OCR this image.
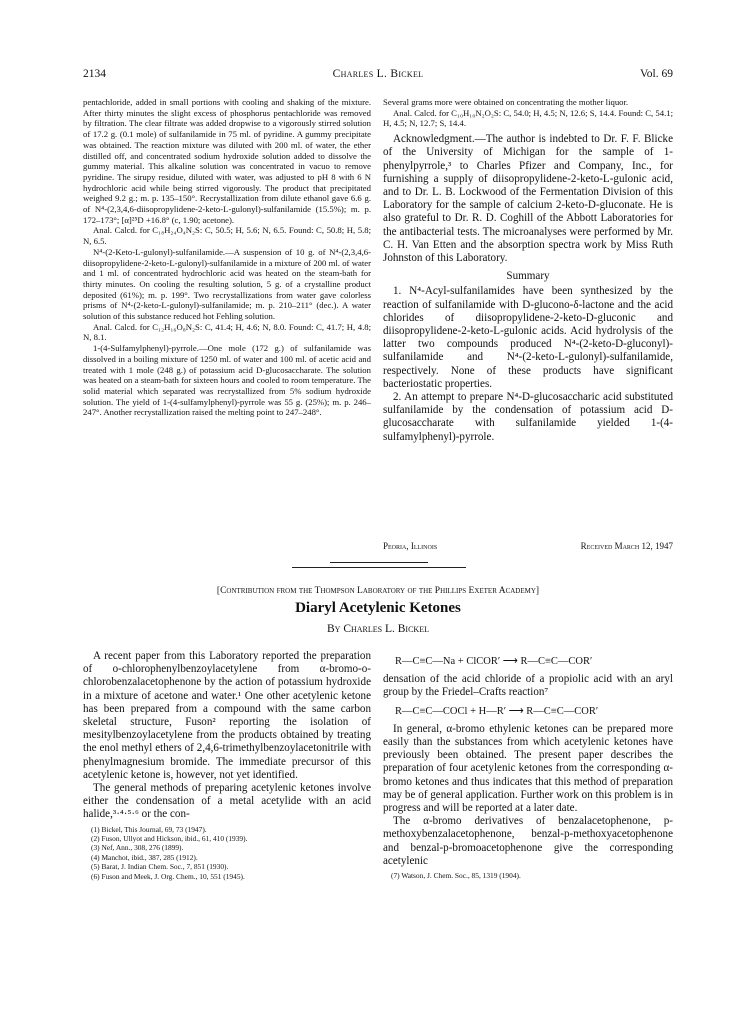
2134	Charles L. Bickel	Vol. 69

pentachloride, added in small portions with cooling and shaking of the mixture. After thirty minutes the slight excess of phosphorus pentachloride was removed by filtration. The clear filtrate was added dropwise to a vigorously stirred solution of 17.2 g. (0.1 mole) of sulfanilamide in 75 ml. of pyridine. A gummy precipitate was obtained. The reaction mixture was diluted with 200 ml. of water, the ether distilled off, and concentrated sodium hydroxide solution added to dissolve the gummy material. This alkaline solution was concentrated in vacuo to remove pyridine. The sirupy residue, diluted with water, was adjusted to pH 8 with 6 N hydrochloric acid while being stirred vigorously. The product that precipitated weighed 9.2 g.; m. p. 135–150°. Recrystallization from dilute ethanol gave 6.6 g. of N⁴-(2,3,4,6-diisopropylidene-2-keto-L-gulonyl)-sulfanilamide (15.5%); m. p. 172–173°; [α]²⁵D +16.8° (c, 1.90; acetone).

Anal. Calcd. for C₁₈H₂₄O₄N₂S: C, 50.5; H, 5.6; N, 6.5. Found: C, 50.8; H, 5.8; N, 6.5.

N⁴-(2-Keto-L-gulonyl)-sulfanilamide.—A suspension of 10 g. of N⁴-(2,3,4,6-diisopropylidene-2-keto-L-gulonyl)-sulfanilamide in a mixture of 200 ml. of water and 1 ml. of concentrated hydrochloric acid was heated on the steam-bath for thirty minutes. On cooling the resulting solution, 5 g. of a crystalline product deposited (61%); m. p. 199°. Two recrystallizations from water gave colorless prisms of N⁴-(2-keto-L-gulonyl)-sulfanilamide; m. p. 210–211° (dec.). A water solution of this substance reduced hot Fehling solution.

Anal. Calcd. for C₁₂H₁₆O₈N₂S: C, 41.4; H, 4.6; N, 8.0. Found: C, 41.7; H, 4.8; N, 8.1.

1-(4-Sulfamylphenyl)-pyrrole.—One mole (172 g.) of sulfanilamide was dissolved in a boiling mixture of 1250 ml. of water and 100 ml. of acetic acid and treated with 1 mole (248 g.) of potassium acid D-glucosaccharate. The solution was heated on a steam-bath for sixteen hours and cooled to room temperature. The solid material which separated was recrystallized from 5% sodium hydroxide solution. The yield of 1-(4-sulfamylphenyl)-pyrrole was 55 g. (25%); m. p. 246–247°. Another recrystallization raised the melting point to 247–248°.

Several grams more were obtained on concentrating the mother liquor.

Anal. Calcd. for C₁₀H₁₀N₂O₂S: C, 54.0; H, 4.5; N, 12.6; S, 14.4. Found: C, 54.1; H, 4.5; N, 12.7; S, 14.4.

Acknowledgment.—The author is indebted to Dr. F. F. Blicke of the University of Michigan for the sample of 1-phenylpyrrole,³ to Charles Pfizer and Company, Inc., for furnishing a supply of diisopropylidene-2-keto-L-gulonic acid, and to Dr. L. B. Lockwood of the Fermentation Division of this Laboratory for the sample of calcium 2-keto-D-gluconate. He is also grateful to Dr. R. D. Coghill of the Abbott Laboratories for the antibacterial tests. The microanalyses were performed by Mr. C. H. Van Etten and the absorption spectra work by Miss Ruth Johnston of this Laboratory.

Summary

1. N⁴-Acyl-sulfanilamides have been synthesized by the reaction of sulfanilamide with D-glucono-δ-lactone and the acid chlorides of diisopropylidene-2-keto-D-gluconic and diisopropylidene-2-keto-L-gulonic acids. Acid hydrolysis of the latter two compounds produced N⁴-(2-keto-D-gluconyl)-sulfanilamide and N⁴-(2-keto-L-gulonyl)-sulfanilamide, respectively. None of these products have significant bacteriostatic properties.

2. An attempt to prepare N⁴-D-glucosaccharic acid substituted sulfanilamide by the condensation of potassium acid D-glucosaccharate with sulfanilamide yielded 1-(4-sulfamylphenyl)-pyrrole.

Peoria, Illinois	Received March 12, 1947
[Contribution from the Thompson Laboratory of the Phillips Exeter Academy]
Diaryl Acetylenic Ketones
By Charles L. Bickel

A recent paper from this Laboratory reported the preparation of o-chlorophenylbenzoylacetylene from α-bromo-o-chlorobenzalacetophenone by the action of potassium hydroxide in a mixture of acetone and water.¹ One other acetylenic ketone has been prepared from a compound with the same carbon skeletal structure, Fuson² reporting the isolation of mesitylbenzoylacetylene from the products obtained by treating the enol methyl ethers of 2,4,6-trimethylbenzoylacetonitrile with phenylmagnesium bromide. The immediate precursor of this acetylenic ketone is, however, not yet identified.

The general methods of preparing acetylenic ketones involve either the condensation of a metal acetylide with an acid halide,³·⁴·⁵·⁶ or the con-

(1) Bickel, This Journal, 69, 73 (1947).

(2) Fuson, Ullyot and Hickson, ibid., 61, 410 (1939).

(3) Nef, Ann., 308, 276 (1899).

(4) Manchot, ibid., 387, 285 (1912).

(5) Barat, J. Indian Chem. Soc., 7, 851 (1930).

(6) Fuson and Meek, J. Org. Chem., 10, 551 (1945).

R—C≡C—Na + ClCOR′ ⟶ R—C≡C—COR′

densation of the acid chloride of a propiolic acid with an aryl group by the Friedel–Crafts reaction⁷

R—C≡C—COCl + H—R′ ⟶ R—C≡C—COR′

In general, α-bromo ethylenic ketones can be prepared more easily than the substances from which acetylenic ketones have previously been obtained. The present paper describes the preparation of four acetylenic ketones from the corresponding α-bromo ketones and thus indicates that this method of preparation may be of general application. Further work on this problem is in progress and will be reported at a later date.

The α-bromo derivatives of benzalacetophenone, p-methoxybenzalacetophenone, benzal-p-methoxyacetophenone and benzal-p-bromoacetophenone give the corresponding acetylenic

(7) Watson, J. Chem. Soc., 85, 1319 (1904).
